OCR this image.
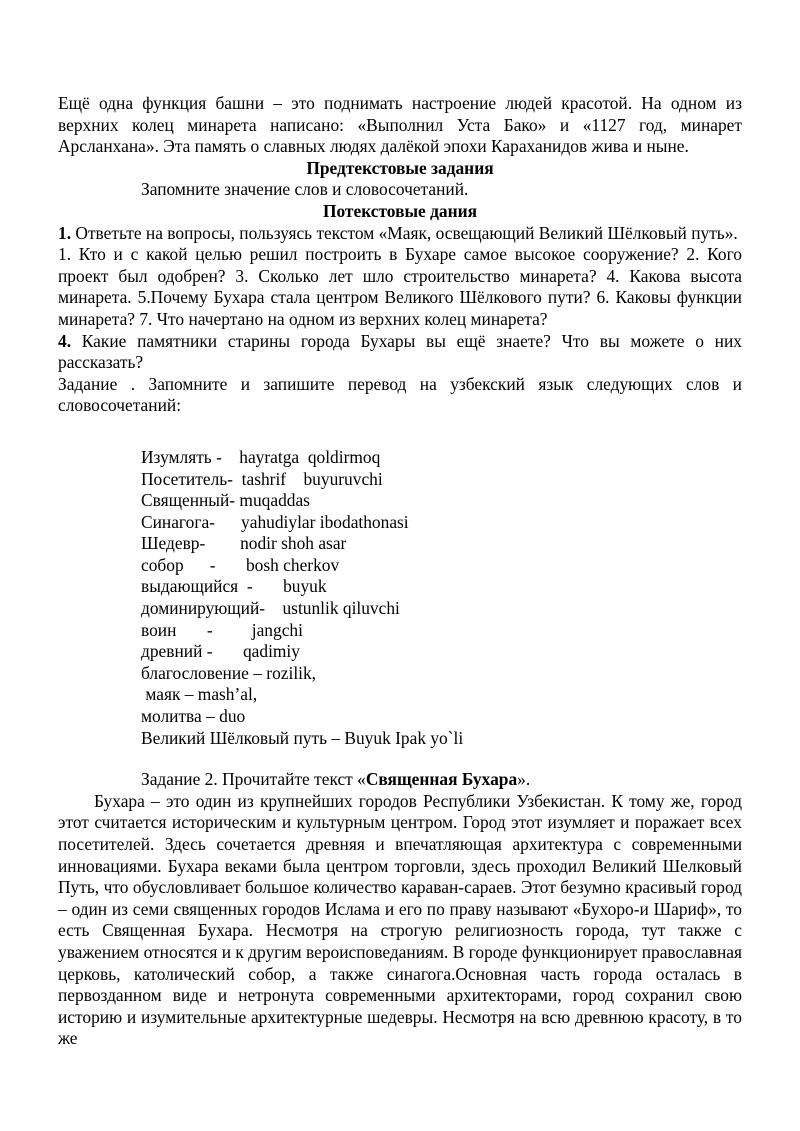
Ещё одна функция башни – это поднимать настроение людей красотой. На одном из верхних колец минарета написано: «Выполнил Уста Бако» и «1127 год, минарет Арсланхана». Эта память о славных людях далёкой эпохи Караханидов жива и ныне.

Предтекстовые задания

Запомните значение слов и словосочетаний.

Потекстовые дания

1. Ответьте на вопросы, пользуясь текстом «Маяк, освещающий Великий Шёлковый путь».

1. Кто и с какой целью решил построить в Бухаре самое высокое сооружение? 2. Кого проект был одобрен? 3. Сколько лет шло строительство минарета? 4. Какова высота минарета. 5.Почему Бухара стала центром Великого Шёлкового пути? 6. Каковы функции минарета? 7. Что начертано на одном из верхних колец минарета?

4. Какие памятники старины города Бухары вы ещё знаете? Что вы можете о них рассказать?

Задание . Запомните и запишите перевод на узбекский язык следующих слов и словосочетаний:

Изумлять -    hayratga  qoldirmoq
Посетитель-  tashrif    buyuruvchi
Священный- muqaddas
Синагога-      yahudiylar ibodathonasi
Шедевр-        nodir shoh asar
собор      -       bosh cherkov
выдающийся  -       buyuk
доминирующий-    ustunlik qiluvchi
воин       -         jangchi
древний -       qadimiy
благословение – rozilik,
маяк – mash’al,
молитва – duo
Великий Шёлковый путь – Buyuk Ipak yo`li

Задание 2. Прочитайте текст «Священная Бухара».

Бухара – это один из крупнейших городов Республики Узбекистан. К тому же, город этот считается историческим и культурным центром. Город этот изумляет и поражает всех посетителей. Здесь сочетается древняя и впечатляющая архитектура с современными инновациями. Бухара веками была центром торговли, здесь проходил Великий Шелковый Путь, что обусловливает большое количество караван-сараев. Этот безумно красивый город – один из семи священных городов Ислама и его по праву называют «Бухоро-и Шариф», то есть Священная Бухара. Несмотря на строгую религиозность города, тут также с уважением относятся и к другим вероисповеданиям. В городе функционирует православная церковь, католический собор, а также синагога.Основная часть города осталась в первозданном виде и нетронута современными архитекторами, город сохранил свою историю и изумительные архитектурные шедевры. Несмотря на всю древнюю красоту, в то же
